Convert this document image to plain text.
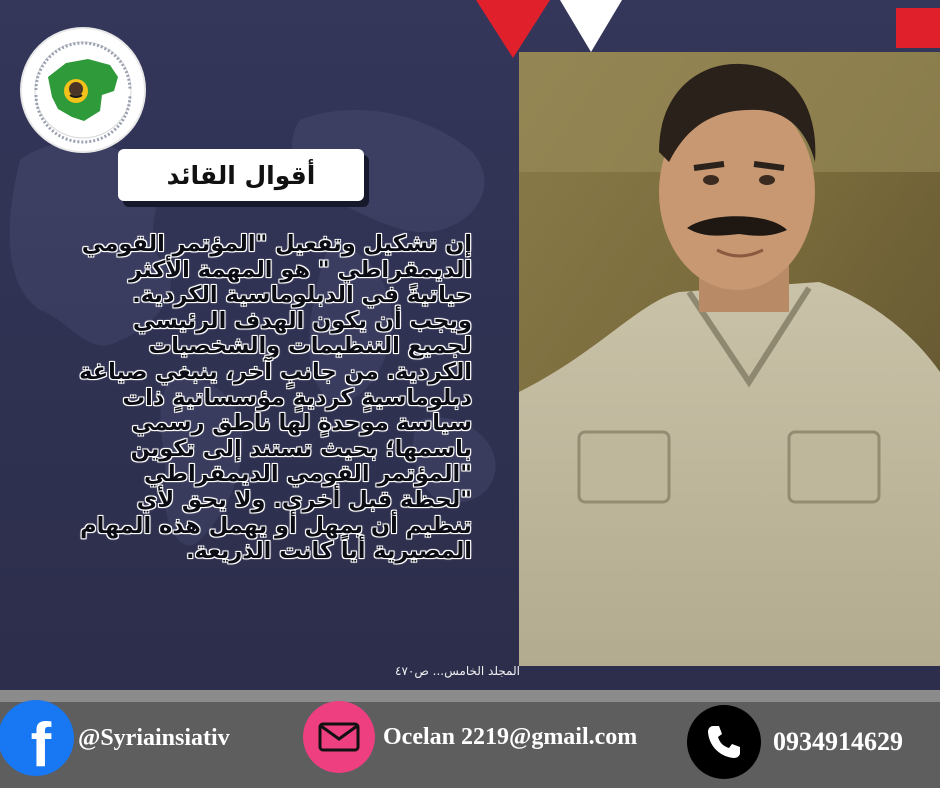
أقوال القائد
إن تشكيل وتفعيل "المؤتمر القومي الديمقراطي " هو المهمة الأكثر حياتيةً في الدبلوماسية الكردية. ويجب أن يكون الهدف الرئيسي لجميع التنظيمات والشخصيات الكردية. من جانبٍ آخر، ينبغي صياغة دبلوماسيةٍ كرديةٍ مؤسساتيةٍ ذات سياسة موحدةٍ لها ناطق رسمي باسمها؛ بحيث تستند إلى تكوين "المؤتمر القومي الديمقراطي "لحظة قبل أخرى. ولا يحق لأي تنظيم أن يمهل أو يهمل هذه المهام المصيرية أياً كانت الذريعة.
المجلد الخامس... ص٤٧٠
f @Syriainsiativ	Ocelan 2219@gmail.com	0934914629
